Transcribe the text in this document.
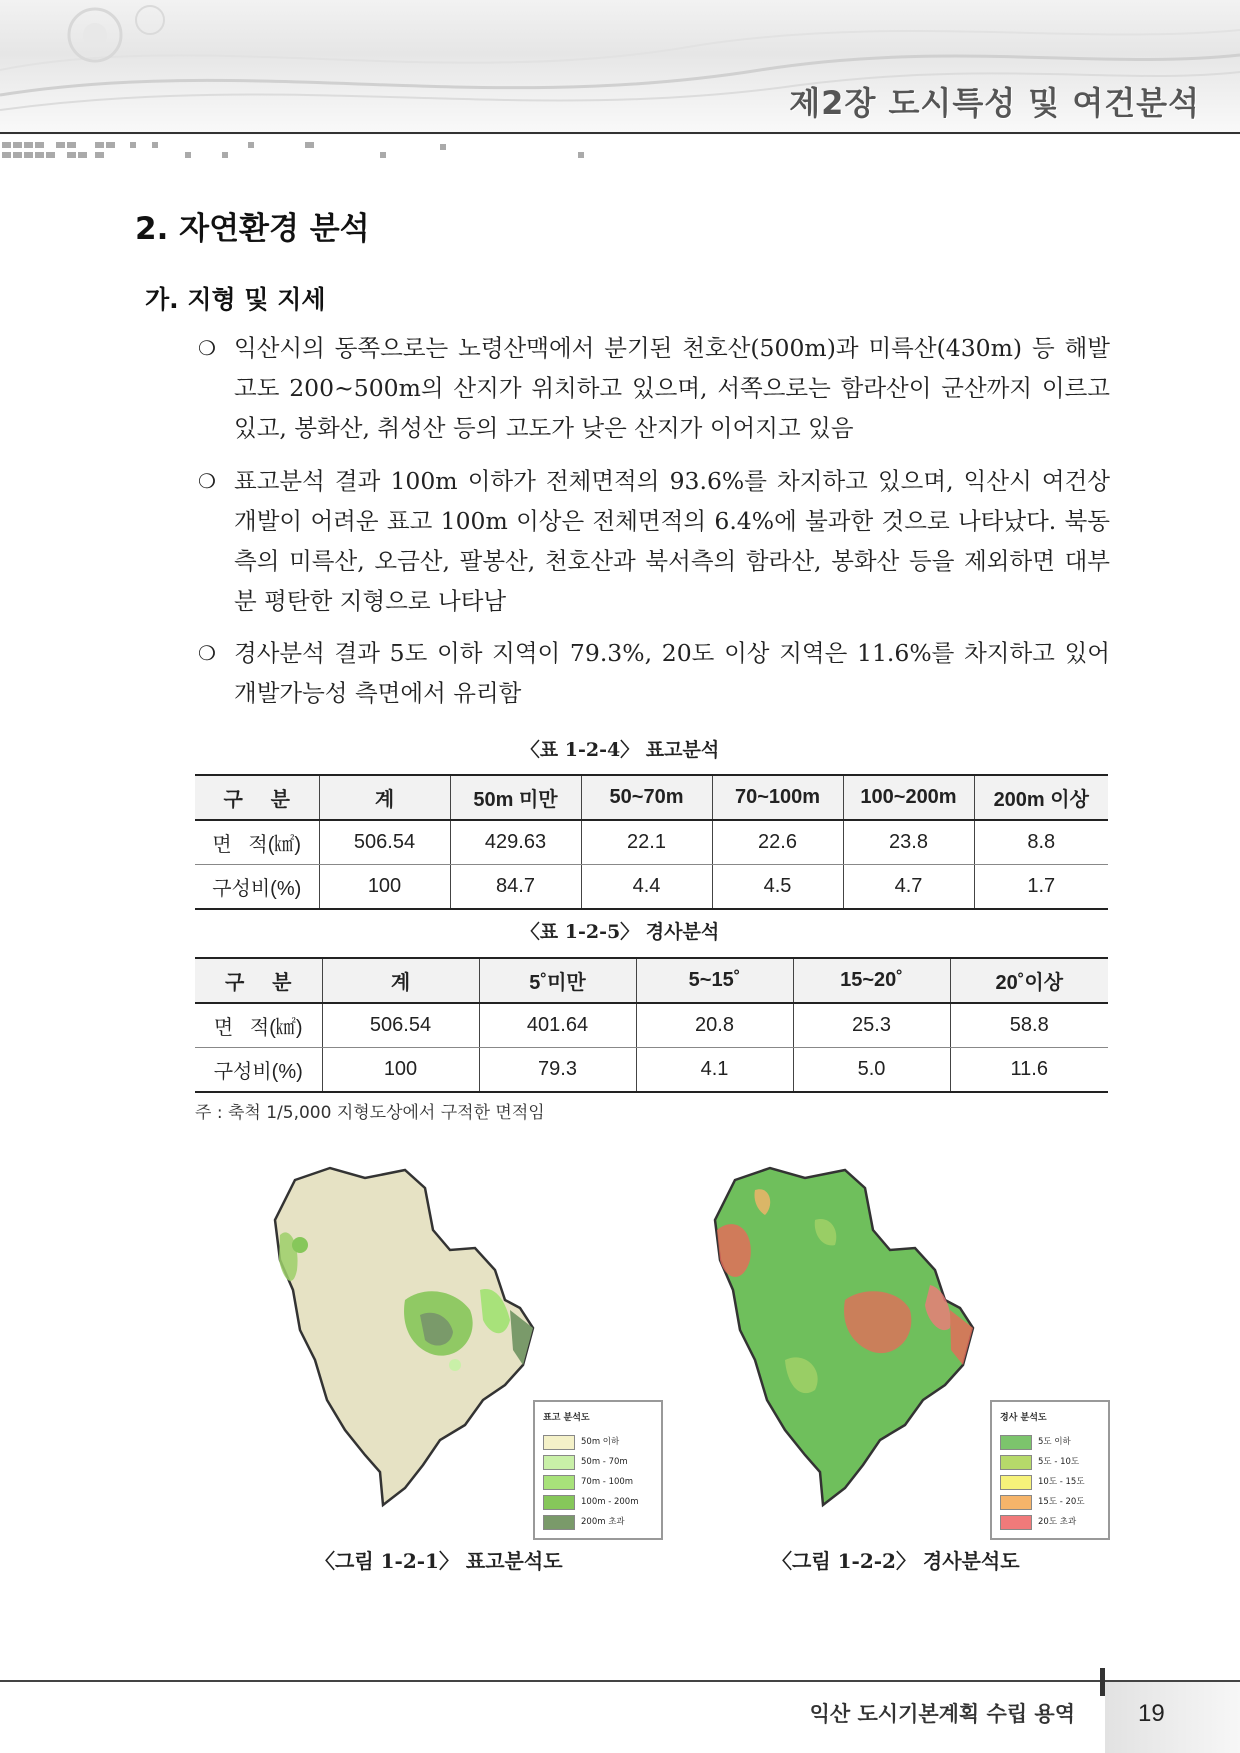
제2장 도시특성 및 여건분석
2. 자연환경 분석
가. 지형 및 지세
❍ 익산시의 동쪽으로는 노령산맥에서 분기된 천호산(500m)과 미륵산(430m) 등 해발고도 200~500m의 산지가 위치하고 있으며, 서쪽으로는 함라산이 군산까지 이르고 있고, 봉화산, 취성산 등의 고도가 낮은 산지가 이어지고 있음
❍ 표고분석 결과 100m 이하가 전체면적의 93.6%를 차지하고 있으며, 익산시 여건상 개발이 어려운 표고 100m 이상은 전체면적의 6.4%에 불과한 것으로 나타났다. 북동측의 미륵산, 오금산, 팔봉산, 천호산과 북서측의 함라산, 봉화산 등을 제외하면 대부분 평탄한 지형으로 나타남
❍ 경사분석 결과 5도 이하 지역이 79.3%, 20도 이상 지역은 11.6%를 차지하고 있어 개발가능성 측면에서 유리함
〈표 1-2-4〉 표고분석
구     분	계	50m 미만	50~70m	70~100m	100~200m	200m 이상
면   적(㎢)	506.54	429.63	22.1	22.6	23.8	8.8
구성비(%)	100	84.7	4.4	4.5	4.7	1.7
〈표 1-2-5〉 경사분석
구     분	계	5˚미만	5~15˚	15~20˚	20˚이상
면   적(㎢)	506.54	401.64	20.8	25.3	58.8
구성비(%)	100	79.3	4.1	5.0	11.6
주 : 축척 1/5,000 지형도상에서 구적한 면적임
표고 분석도
50m 이하
50m - 70m
70m - 100m
100m - 200m
200m 초과
〈그림 1-2-1〉 표고분석도
경사 분석도
5도 이하
5도 - 10도
10도 - 15도
15도 - 20도
20도 초과
〈그림 1-2-2〉 경사분석도
익산 도시기본계획 수립 용역	19
